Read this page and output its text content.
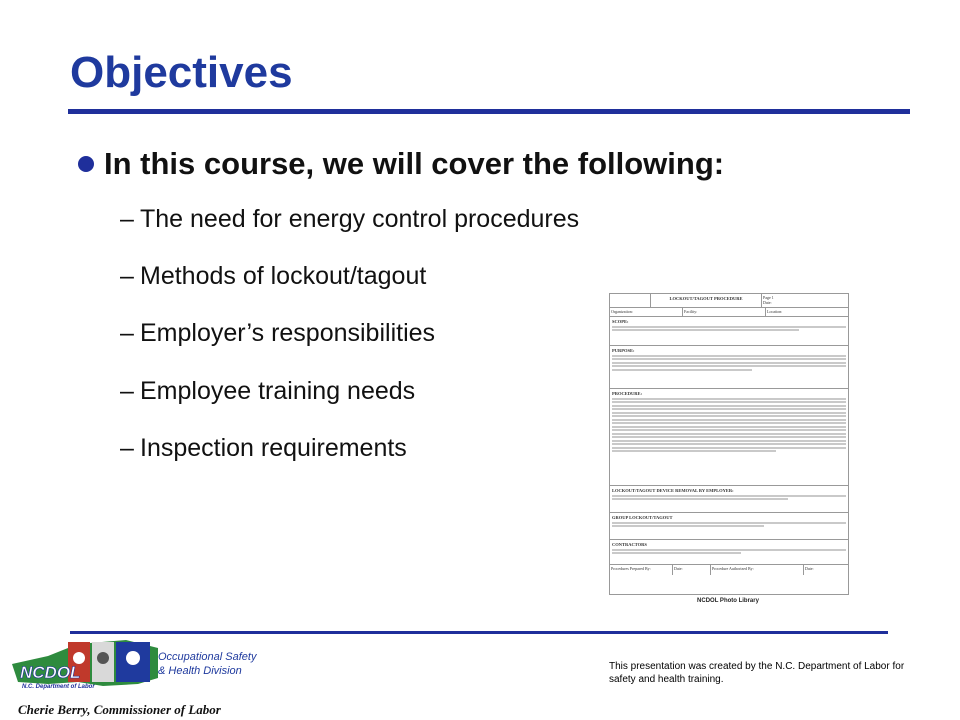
Objectives
In this course, we will cover the following:
– The need for energy control procedures
– Methods of lockout/tagout
– Employer’s responsibilities
– Employee training needs
– Inspection requirements
LOCKOUT/TAGOUT PROCEDURE	Page 1
Date:
Organization:	Facility:	Location:
SCOPE:
PURPOSE:
PROCEDURE:
LOCKOUT/TAGOUT DEVICE REMOVAL BY EMPLOYER:
GROUP LOCKOUT/TAGOUT
CONTRACTORS
Procedures Prepared By:	Date:	Procedure Authorized By:	Date:
NCDOL Photo Library
NCDOL
N.C. Department of Labor
Occupational Safety
& Health Division
Cherie Berry, Commissioner of Labor
This presentation was created by the N.C. Department of Labor for safety and health training.
